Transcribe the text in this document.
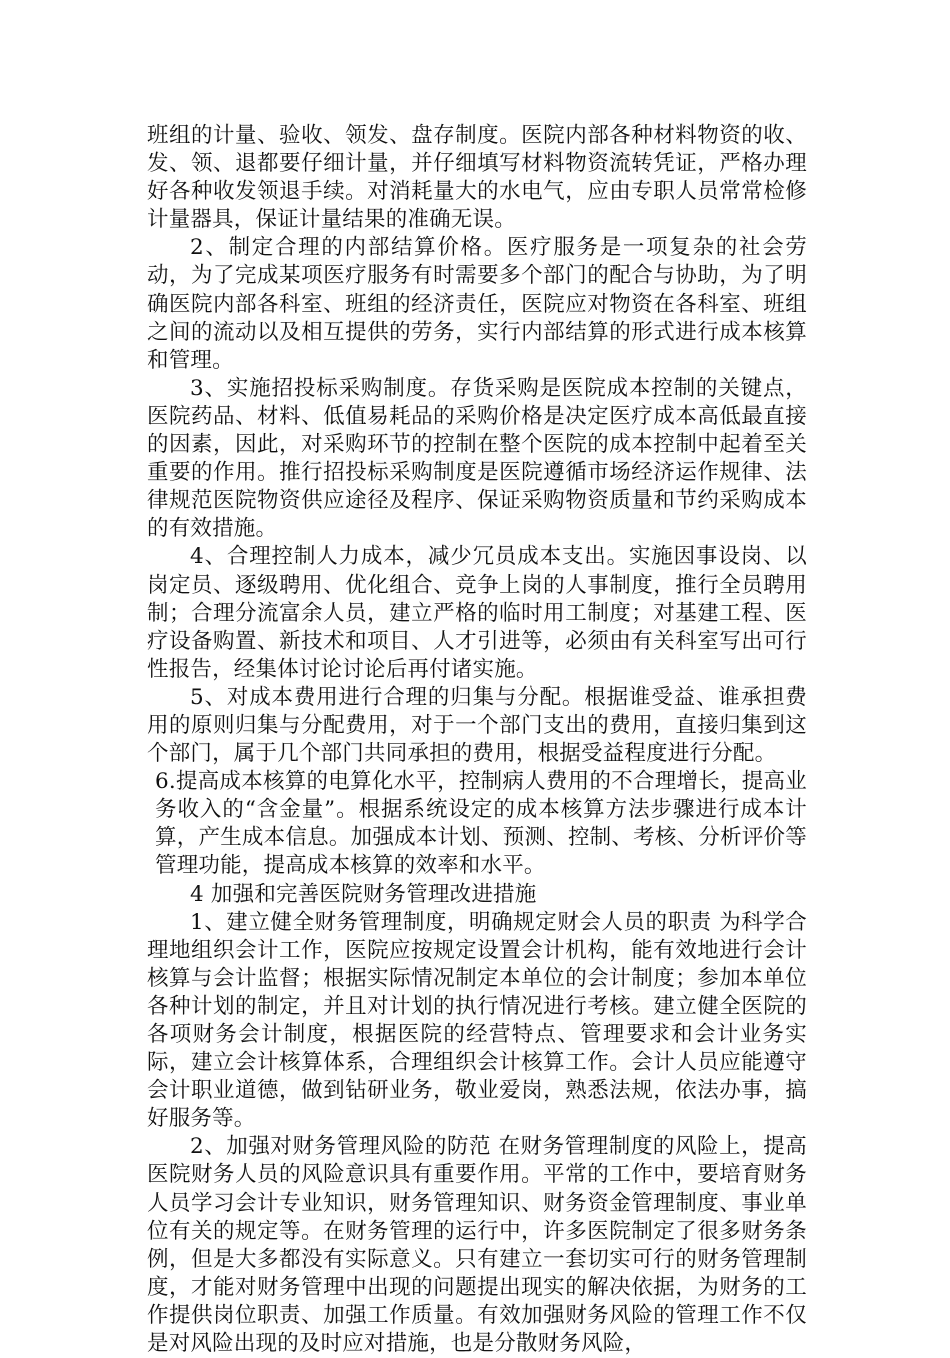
班组的计量、验收、领发、盘存制度。医院内部各种材料物资的收、发、领、退都要仔细计量，并仔细填写材料物资流转凭证，严格办理好各种收发领退手续。对消耗量大的水电气，应由专职人员常常检修计量器具，保证计量结果的准确无误。

2、制定合理的内部结算价格。医疗服务是一项复杂的社会劳动，为了完成某项医疗服务有时需要多个部门的配合与协助，为了明确医院内部各科室、班组的经济责任，医院应对物资在各科室、班组之间的流动以及相互提供的劳务，实行内部结算的形式进行成本核算和管理。

3、实施招投标采购制度。存货采购是医院成本控制的关键点，医院药品、材料、低值易耗品的采购价格是决定医疗成本高低最直接的因素，因此，对采购环节的控制在整个医院的成本控制中起着至关重要的作用。推行招投标采购制度是医院遵循市场经济运作规律、法律规范医院物资供应途径及程序、保证采购物资质量和节约采购成本的有效措施。

4、合理控制人力成本，减少冗员成本支出。实施因事设岗、以岗定员、逐级聘用、优化组合、竞争上岗的人事制度，推行全员聘用制；合理分流富余人员，建立严格的临时用工制度；对基建工程、医疗设备购置、新技术和项目、人才引进等，必须由有关科室写出可行性报告，经集体讨论讨论后再付诸实施。

5、对成本费用进行合理的归集与分配。根据谁受益、谁承担费用的原则归集与分配费用，对于一个部门支出的费用，直接归集到这个部门，属于几个部门共同承担的费用，根据受益程度进行分配。

6.提高成本核算的电算化水平，控制病人费用的不合理增长，提高业务收入的“含金量”。根据系统设定的成本核算方法步骤进行成本计算，产生成本信息。加强成本计划、预测、控制、考核、分析评价等管理功能，提高成本核算的效率和水平。

4 加强和完善医院财务管理改进措施

1、建立健全财务管理制度，明确规定财会人员的职责 为科学合理地组织会计工作，医院应按规定设置会计机构，能有效地进行会计核算与会计监督；根据实际情况制定本单位的会计制度；参加本单位各种计划的制定，并且对计划的执行情况进行考核。建立健全医院的各项财务会计制度，根据医院的经营特点、管理要求和会计业务实际，建立会计核算体系，合理组织会计核算工作。会计人员应能遵守会计职业道德，做到钻研业务，敬业爱岗，熟悉法规，依法办事，搞好服务等。

2、加强对财务管理风险的防范 在财务管理制度的风险上，提高医院财务人员的风险意识具有重要作用。平常的工作中，要培育财务人员学习会计专业知识，财务管理知识、财务资金管理制度、事业单位有关的规定等。在财务管理的运行中，许多医院制定了很多财务条例，但是大多都没有实际意义。只有建立一套切实可行的财务管理制度，才能对财务管理中出现的问题提出现实的解决依据，为财务的工作提供岗位职责、加强工作质量。有效加强财务风险的管理工作不仅是对风险出现的及时应对措施，也是分散财务风险，
